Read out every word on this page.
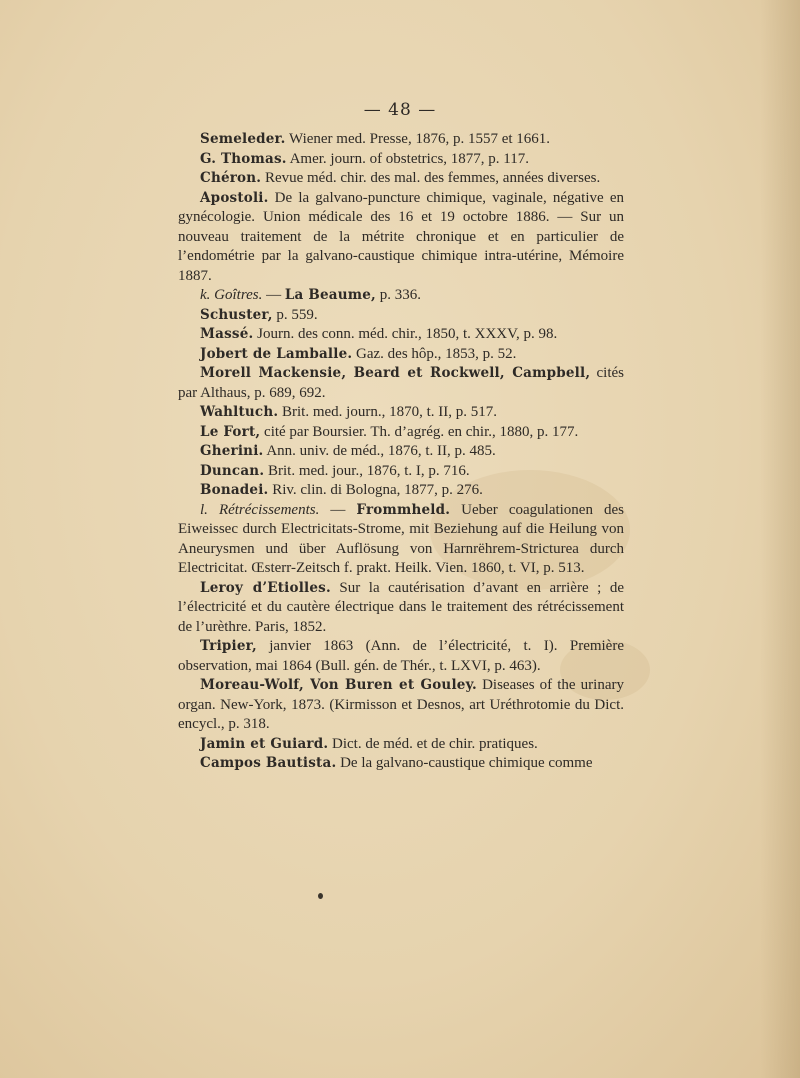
— 48 —

Semeleder. Wiener med. Presse, 1876, p. 1557 et 1661.

G. Thomas. Amer. journ. of obstetrics, 1877, p. 117.

Chéron. Revue méd. chir. des mal. des femmes, années diverses.

Apostoli. De la galvano-puncture chimique, vaginale, négative en gynécologie. Union médicale des 16 et 19 octobre 1886. — Sur un nouveau traitement de la métrite chronique et en particulier de l’endométrie par la galvano-caustique chimique intra-utérine, Mémoire 1887.

k. Goîtres. — La Beaume, p. 336.

Schuster, p. 559.

Massé. Journ. des conn. méd. chir., 1850, t. XXXV, p. 98.

Jobert de Lamballe. Gaz. des hôp., 1853, p. 52.

Morell Mackensie, Beard et Rockwell, Campbell, cités par Althaus, p. 689, 692.

Wahltuch. Brit. med. journ., 1870, t. II, p. 517.

Le Fort, cité par Boursier. Th. d’agrég. en chir., 1880, p. 177.

Gherini. Ann. univ. de méd., 1876, t. II, p. 485.

Duncan. Brit. med. jour., 1876, t. I, p. 716.

Bonadei. Riv. clin. di Bologna, 1877, p. 276.

l. Rétrécissements. — Frommheld. Ueber coagulationen des Eiweissec durch Electricitats-Strome, mit Beziehung auf die Heilung von Aneurysmen und über Auflösung von Harnrëhrem-Stricturea durch Electricitat. Œsterr-Zeitsch f. prakt. Heilk. Vien. 1860, t. VI, p. 513.

Leroy d’Etiolles. Sur la cautérisation d’avant en arrière ; de l’électricité et du cautère électrique dans le traitement des rétrécissement de l’urèthre. Paris, 1852.

Tripier, janvier 1863 (Ann. de l’électricité, t. I). Première observation, mai 1864 (Bull. gén. de Thér., t. LXVI, p. 463).

Moreau-Wolf, Von Buren et Gouley. Diseases of the urinary organ. New-York, 1873. (Kirmisson et Desnos, art Uréthrotomie du Dict. encycl., p. 318.

Jamin et Guiard. Dict. de méd. et de chir. pratiques.

Campos Bautista. De la galvano-caustique chimique comme
